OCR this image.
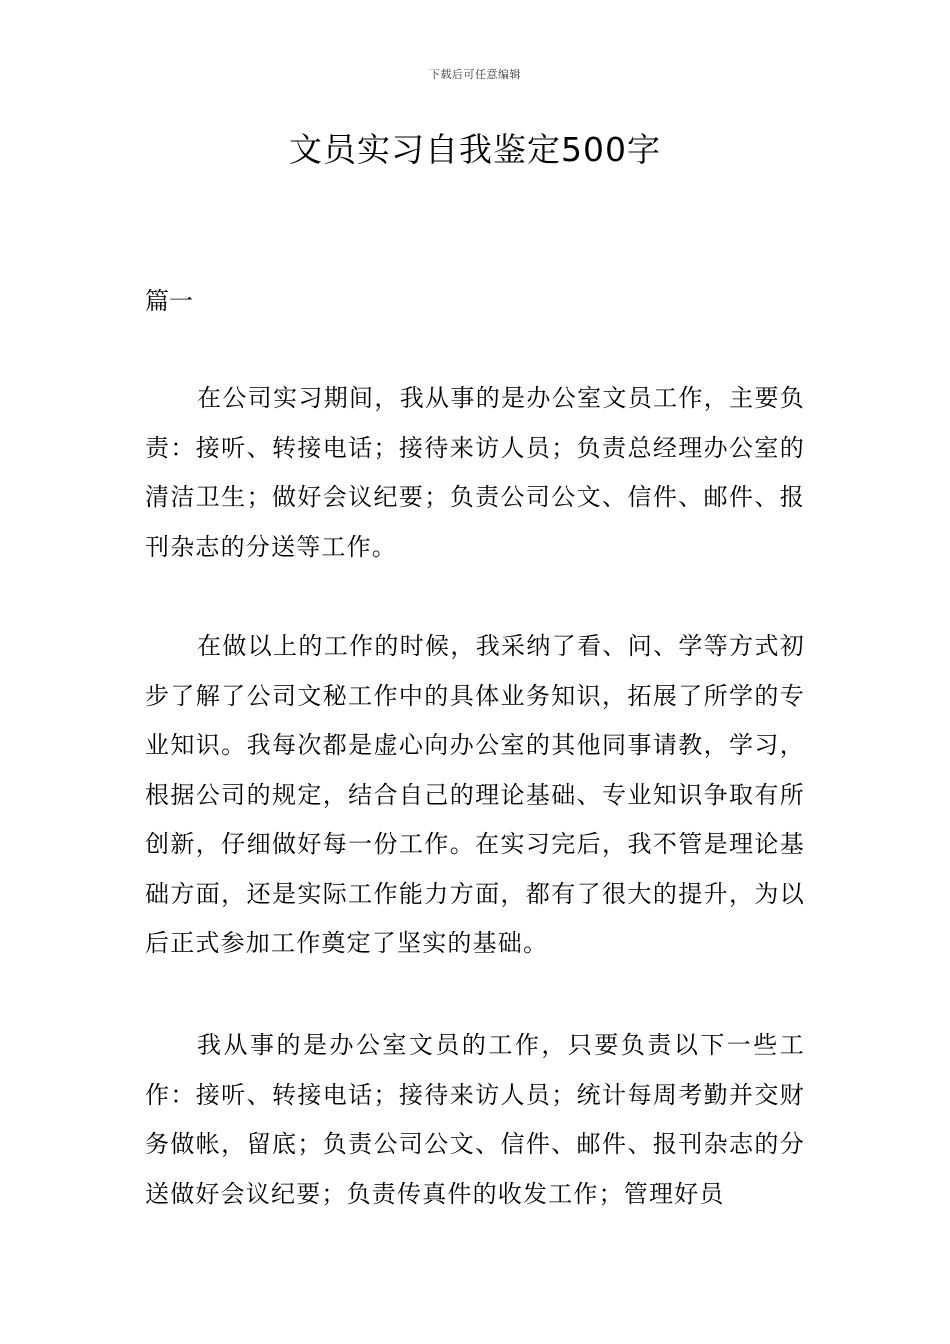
下载后可任意编辑
文员实习自我鉴定500字
篇一

在公司实习期间，我从事的是办公室文员工作，主要负责：接听、转接电话；接待来访人员；负责总经理办公室的清洁卫生；做好会议纪要；负责公司公文、信件、邮件、报刊杂志的分送等工作。

在做以上的工作的时候，我采纳了看、问、学等方式初步了解了公司文秘工作中的具体业务知识，拓展了所学的专业知识。我每次都是虚心向办公室的其他同事请教，学习，根据公司的规定，结合自己的理论基础、专业知识争取有所创新，仔细做好每一份工作。在实习完后，我不管是理论基础方面，还是实际工作能力方面，都有了很大的提升，为以后正式参加工作奠定了坚实的基础。

我从事的是办公室文员的工作，只要负责以下一些工作：接听、转接电话；接待来访人员；统计每周考勤并交财务做帐，留底；负责公司公文、信件、邮件、报刊杂志的分送做好会议纪要；负责传真件的收发工作；管理好员
